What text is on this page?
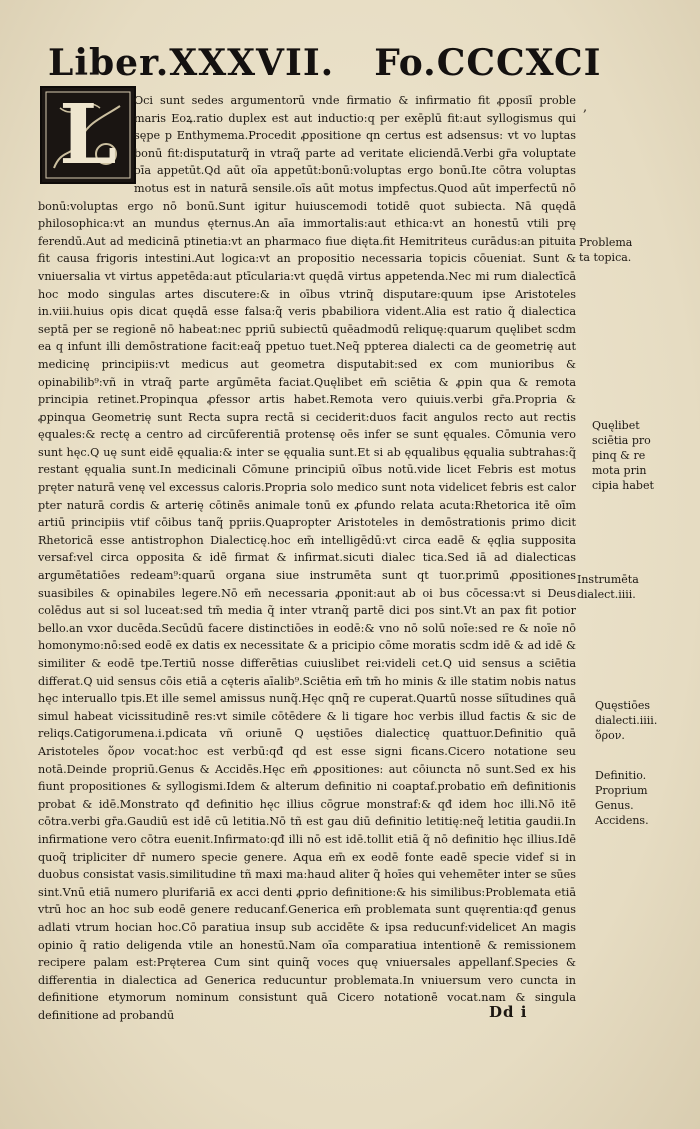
Liber.XXXVII. Fo.CCCXCI
L	Oci sunt sedes argumentorū vnde firmatio & infirmatio fit ꝓposiī proble maris Eoꝝ.ratio duplex est aut inductio:q per exēplū fit:aut syllogismus qui sępe p Enthymema.Procedit ꝓpositione qn certus est adsensus: vt vo luptas bonū fit:disputaturq̃ in vtraq̃ parte ad veritate eliciendā.Verbi gr̄a voluptate oīa appetūt.Qd aūt oīa appetūt:bonū:voluptas ergo bonū.Ite cōtra voluptas motus est in naturā sensile.oīs aūt motus impfectus.Quod aūt imperfectū nō bonū:voluptas ergo nō bonū.Sunt igitur huiuscemodi totidē quot subiecta. Nā quędā philosophica:vt an mundus ęternus.An aīa immortalis:aut ethica:vt an honestū vtili prę ferendū.Aut ad medicinā ptinetia:vt an pharmaco fiue dięta.fit Hemitriteus curādus:an pituita fit causa frigoris intestini.Aut logica:vt an propositio necessaria topicis cōueniat. Sunt & vniuersalia vt virtus appetēda:aut ptīcularia:vt quędā virtus appetenda.Nec mi rum dialectīcā hoc modo singulas artes discutere:& in oībus vtrinq̃ disputare:quum ipse Aristoteles in.viii.huius opis dicat quędā esse falsa:q̃ veris pbabiliora vident.Alia est ratio q̃ dialectica septā per se regionē nō habeat:nec ppriū subiectū quēadmodū reliquę:quarum quęlibet scdm ea q infunt illi demōstratione facit:eaq̃ ppetuo tuet.Neq̃ ppterea dialecti ca de geometrię aut medicinę principiis:vt medicus aut geometra disputabit:sed ex com munioribus & opinabilib⁹:vñ in vtraq̃ parte argūmēta faciat.Quęlibet em̄ sciētia & ꝓpin qua & remota principia retinet.Propinqua ꝓfessor artis habet.Remota vero quiuis.verbi gr̄a.Propria & ꝓpinqua Geometrię sunt Recta supra rectā si ceciderit:duos facit angulos recto aut rectis ęquales:& rectę a centro ad circūferentiā protensę oēs infer se sunt ęquales. Cōmunia vero sunt hęc.Q uę sunt eidē ęqualia:& inter se ęqualia sunt.Et si ab ęqualibus ęqualia subtrahas:q̃ restant ęqualia sunt.In medicinali Cōmune principiū oībus notū.vide licet Febris est motus pręter naturā venę vel excessus caloris.Propria solo medico sunt nota videlicet febris est calor pter naturā cordis & arterię cōtinēs animale tonū ex ꝓfundo relata acuta:Rhetorica itē oīm artiū principiis vtif cōibus tanq̃ ppriis.Quapropter Aristoteles in demōstrationis primo dicit Rhetoricā esse antistrophon Dialecticę.hoc em̄ intelligēdū:vt circa eadē & ęqlia supposita versaf:vel circa opposita & idē firmat & infirmat.sicuti dialec tica.Sed iā ad dialecticas argumētatiōes redeam⁹:quarū organa siue instrumēta sunt qt tuor.primū ꝓpositiones suasibiles & opinabiles legere.Nō em̄ necessaria ꝓponit:aut ab oi bus cōcessa:vt si Deus colēdus aut si sol luceat:sed tm̄ media q̃ inter vtranq̃ partē dici pos sint.Vt an pax fit potior bello.an vxor ducēda.Secūdū facere distinctiōes in eodē:& vno nō solū noīe:sed re & noīe nō homonymo:nō:sed eodē ex datis ex necessitate & a pricipio cōme moratis scdm idē & ad idē & similiter & eodē tpe.Tertiū nosse differētias cuiuslibet rei:videli cet.Q uid sensus a sciētia differat.Q uid sensus cōis etiā a cęteris aīalib⁹.Sciētia em̄ tm̄ ho minis & ille statim nobis natus hęc interuallo tpis.Et ille semel amissus nunq̃.Hęc qnq̃ re cuperat.Quartū nosse siītudines quā simul habeat vicissitudinē res:vt simile cōtēdere & li tigare hoc verbis illud factis & sic de reliqs.Catigorumena.i.pdicata vñ oriunē Q uęstiōes dialecticę quattuor.Definitio quā Aristoteles ὅρον vocat:hoc est verbū:qđ qd est esse signi ficans.Cicero notatione seu notā.Deinde propriū.Genus & Accidēs.Hęc em̄ ꝓpositiones: aut cōiuncta nō sunt.Sed ex his fiunt propositiones & syllogismi.Idem & alterum definitio ni coaptaf.probatio em̄ definitionis probat & idē.Monstrato qđ definitio hęc illius cōgrue monstraf:& qđ idem hoc illi.Nō itē cōtra.verbi gr̄a.Gaudiū est idē cū letitia.Nō tñ est gau diū definitio letitię:neq̃ letitia gaudii.In infirmatione vero cōtra euenit.Infirmato:qđ illi nō est idē.tollit etiā q̃ nō definitio hęc illius.Idē quoq̃ tripliciter dr̄ numero specie genere. Aqua em̄ ex eodē fonte eadē specie videf si in duobus consistat vasis.similitudine tñ maxi ma:haud aliter q̃ hoīes qui vehemēter inter se sūes sint.Vnū etiā numero plurifariā ex acci denti ꝓprio definitione:& his similibus:Problemata etiā vtrū hoc an hoc sub eodē genere reducanf.Generica em̄ problemata sunt quęrentia:qđ genus adlati vtrum hocian hoc.Cō paratiua insup sub accidēte & ipsa reducunf:videlicet An magis opinio q̃ ratio deligenda vtile an honestū.Nam oīa comparatiua intentionē & remissionem recipere palam est:Pręterea Cum sint quinq̃ voces quę vniuersales appellanf.Species & differentia in dialectica ad Generica reducuntur problemata.In vniuersum vero cuncta in definitione etymorum nominum consistunt quā Cicero notationē vocat.nam & singula definitione ad probandū

,
Problema
ta topica.
Quęlibet
sciētia pro
pinq & re
mota prin
cipia habet
Instrumēta
dialect.iiii.
Quęstiōes
dialecti.iiii.
ὅρον.
Definitio.
Proprium
Genus.
Accidens.
Dd i
